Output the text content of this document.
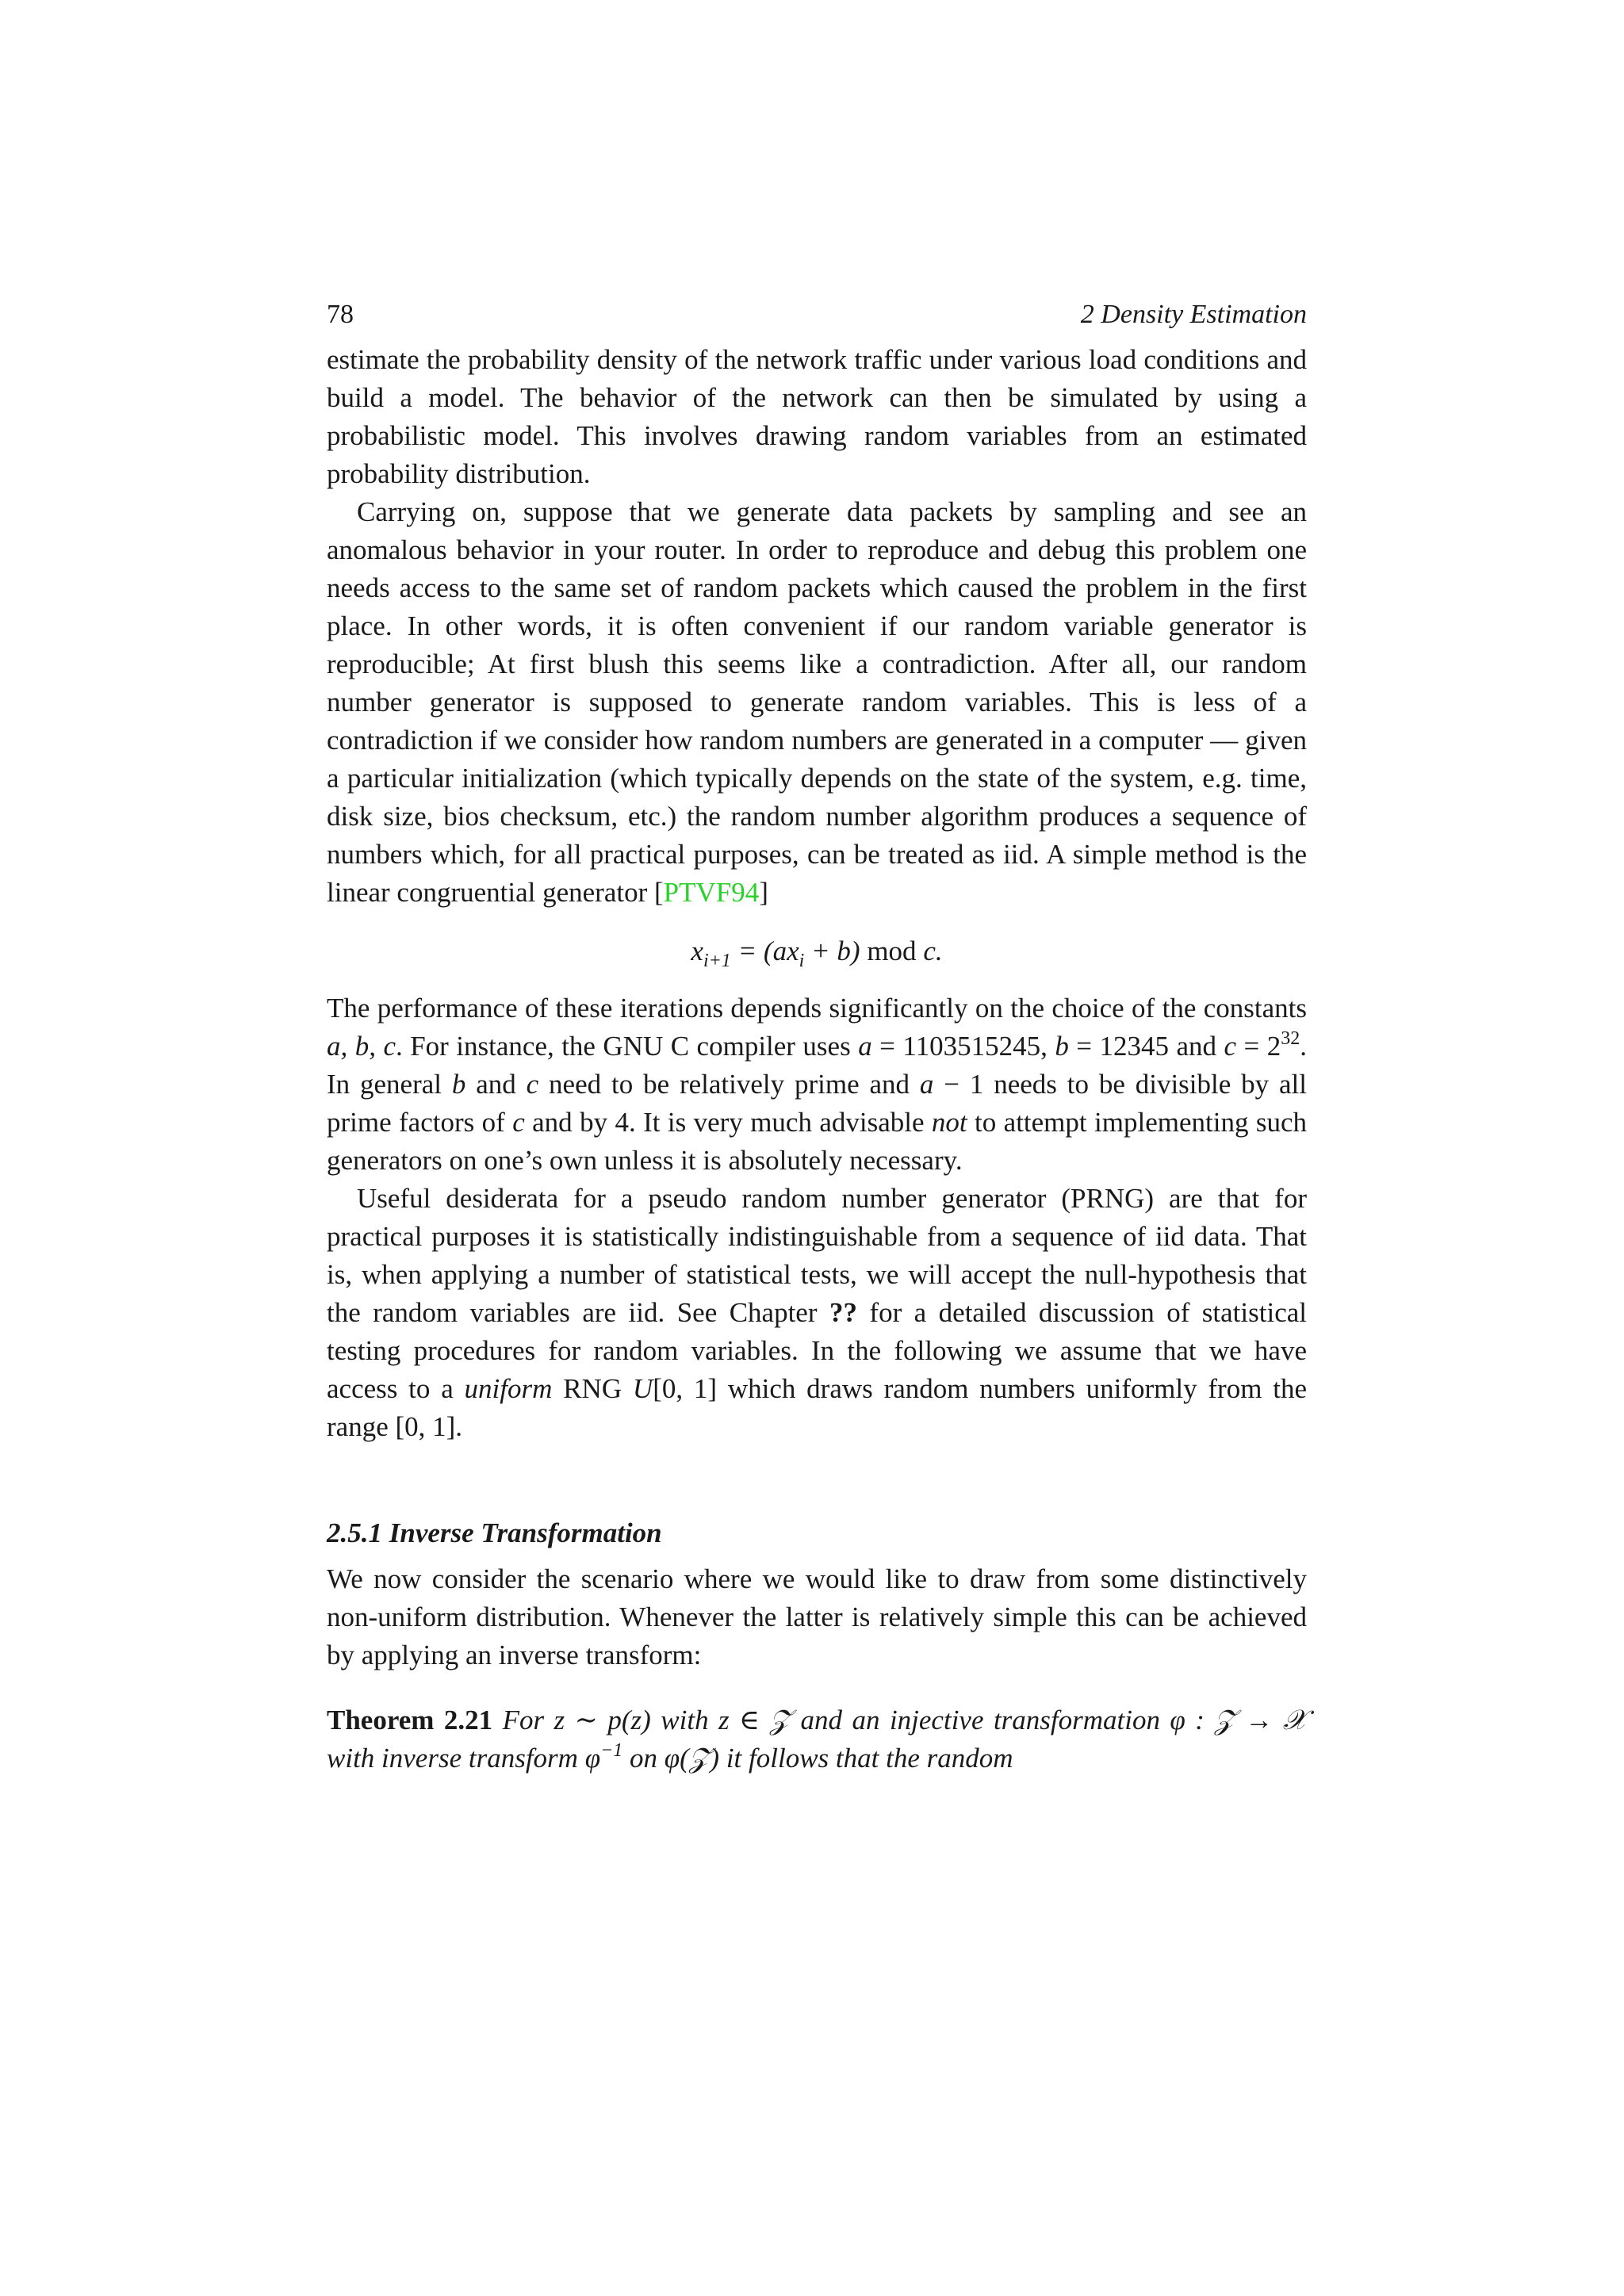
78	2 Density Estimation

estimate the probability density of the network traffic under various load conditions and build a model. The behavior of the network can then be simulated by using a probabilistic model. This involves drawing random variables from an estimated probability distribution.

Carrying on, suppose that we generate data packets by sampling and see an anomalous behavior in your router. In order to reproduce and debug this problem one needs access to the same set of random packets which caused the problem in the first place. In other words, it is often convenient if our random variable generator is reproducible; At first blush this seems like a contradiction. After all, our random number generator is supposed to generate random variables. This is less of a contradiction if we consider how random numbers are generated in a computer — given a particular initialization (which typically depends on the state of the system, e.g. time, disk size, bios checksum, etc.) the random number algorithm produces a sequence of numbers which, for all practical purposes, can be treated as iid. A simple method is the linear congruential generator [PTVF94]

$x_{i+1} = (ax_i + b)$ mod c.

The performance of these iterations depends significantly on the choice of the constants a, b, c. For instance, the GNU C compiler uses a = 1103515245, b = 12345 and $c = 2^{32}$. In general b and c need to be relatively prime and a − 1 needs to be divisible by all prime factors of c and by 4. It is very much advisable not to attempt implementing such generators on one’s own unless it is absolutely necessary.

Useful desiderata for a pseudo random number generator (PRNG) are that for practical purposes it is statistically indistinguishable from a sequence of iid data. That is, when applying a number of statistical tests, we will accept the null-hypothesis that the random variables are iid. See Chapter ?? for a detailed discussion of statistical testing procedures for random variables. In the following we assume that we have access to a uniform RNG U[0, 1] which draws random numbers uniformly from the range [0, 1].

2.5.1 Inverse Transformation

We now consider the scenario where we would like to draw from some distinctively non-uniform distribution. Whenever the latter is relatively simple this can be achieved by applying an inverse transform:

Theorem 2.21 For z ∼ p(z) with z ∈ 𝒵 and an injective transformation φ : 𝒵 → 𝒳 with inverse transform $\varphi^{-1}$ on φ(𝒵) it follows that the random
